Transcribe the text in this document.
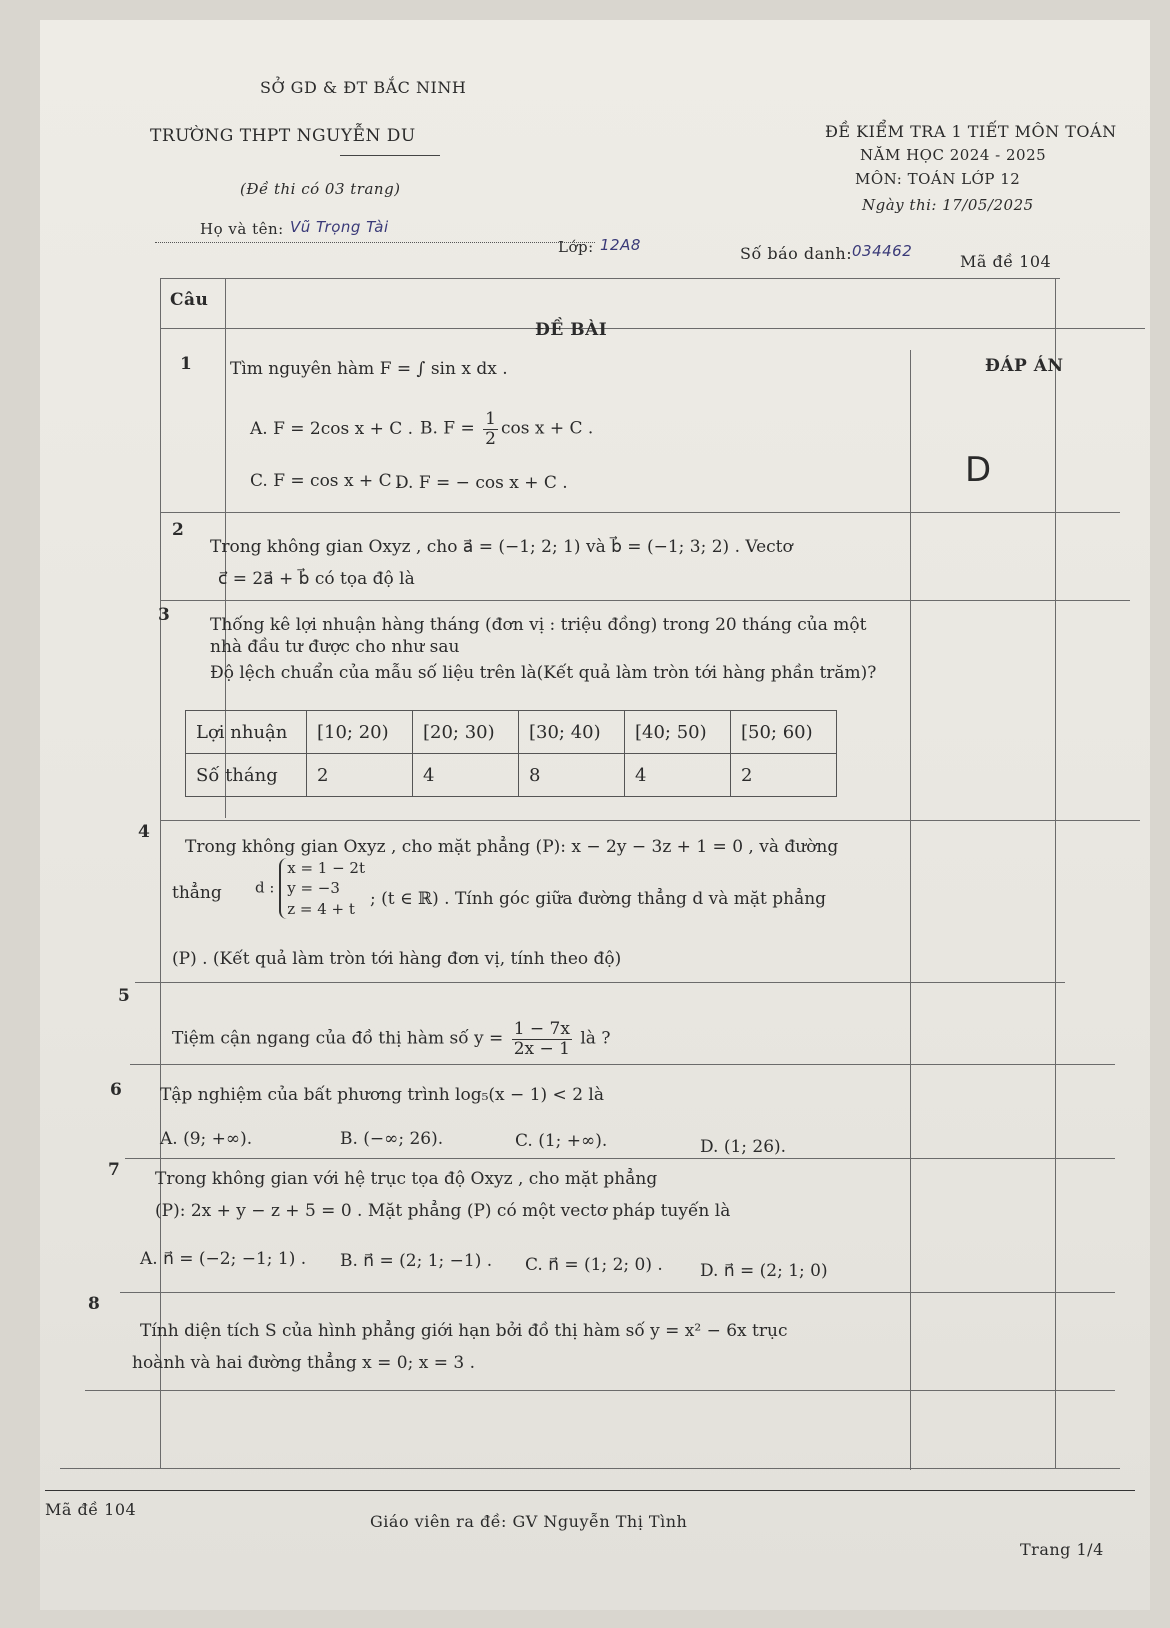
SỞ GD & ĐT BẮC NINH
TRƯỜNG THPT NGUYỄN DU
(Đề thi có 03 trang)
ĐỀ KIỂM TRA 1 TIẾT MÔN TOÁN
NĂM HỌC 2024 - 2025
MÔN: TOÁN LỚP 12
Ngày thi: 17/05/2025
Họ và tên: Vũ Trọng Tài
Lớp: 12A8	Số báo danh: 034462
Mã đề 104
Câu
ĐỀ BÀI
ĐÁP ÁN
1 Tìm nguyên hàm F = ∫ sin x dx .
A. F = 2cos x + C . B. $F = \frac{1}{2}$ cos x + C .
C. F = cos x + C .
D. F = − cos x + C .	D
2
Trong không gian Oxyz , cho a⃗ = (−1; 2; 1) và b⃗ = (−1; 3; 2) . Vectơ
c⃗ = 2a⃗ + b⃗ có tọa độ là
3 Thống kê lợi nhuận hàng tháng (đơn vị : triệu đồng) trong 20 tháng của một
nhà đầu tư được cho như sau
Độ lệch chuẩn của mẫu số liệu trên là(Kết quả làm tròn tới hàng phần trăm)?
Lợi nhuận	[10; 20)	[20; 30)	[30; 40)	[40; 50)	[50; 60)
Số tháng	2	4	8	4	2
4
Trong không gian Oxyz , cho mặt phẳng (P): x − 2y − 3z + 1 = 0 , và đường
thẳng d :
x = 1 − 2t
y = −3
z = 4 + t ; (t ∈ ℝ) . Tính góc giữa đường thẳng d và mặt phẳng
(P) . (Kết quả làm tròn tới hàng đơn vị, tính theo độ)
5
Tiệm cận ngang của đồ thị hàm số $y = \frac{1 - 7x}{2x - 1}$ là ?
6 Tập nghiệm của bất phương trình log₅(x − 1) < 2 là
A. (9; +∞).	B. (−∞; 26).	C. (1; +∞).	D. (1; 26).
7 Trong không gian với hệ trục tọa độ Oxyz , cho mặt phẳng
(P): 2x + y − z + 5 = 0 . Mặt phẳng (P) có một vectơ pháp tuyến là
A. n⃗ = (−2; −1; 1) . B. n⃗ = (2; 1; −1) . C. n⃗ = (1; 2; 0) . D. n⃗ = (2; 1; 0)
8
Tính diện tích S của hình phẳng giới hạn bởi đồ thị hàm số y = x² − 6x trục
hoành và hai đường thẳng x = 0; x = 3 .
Mã đề 104
Giáo viên ra đề: GV Nguyễn Thị Tình
Trang 1/4
